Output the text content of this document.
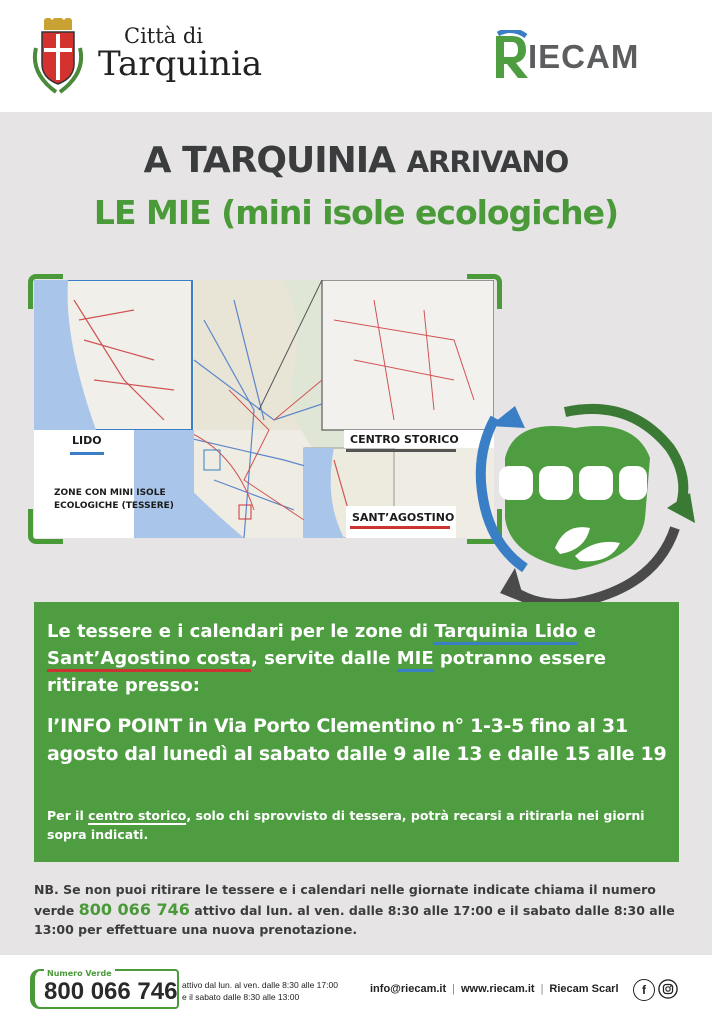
Città di
Tarquinia	IECAM
A TARQUINIA ARRIVANO
LE MIE (mini isole ecologiche)
LIDO	CENTRO STORICO
SANT’AGOSTINO
ZONE CON MINI ISOLE ECOLOGICHE (TESSERE)
Le tessere e i calendari per le zone di Tarquinia Lido e Sant’Agostino costa, servite dalle MIE potranno essere ritirate presso:
l’INFO POINT in Via Porto Clementino n° 1-3-5 fino al 31 agosto dal lunedì al sabato dalle 9 alle 13 e dalle 15 alle 19
Per il centro storico, solo chi sprovvisto di tessera, potrà recarsi a ritirarla nei giorni sopra indicati.
NB. Se non puoi ritirare le tessere e i calendari nelle giornate indicate chiama il numero verde 800 066 746 attivo dal lun. al ven. dalle 8:30 alle 17:00 e il sabato dalle 8:30 alle 13:00 per effettuare una nuova prenotazione.
Numero Verde
800 066 746 attivo dal lun. al ven. dalle 8:30 alle 17:00
e il sabato dalle 8:30 alle 13:00
info@riecam.it | www.riecam.it | Riecam Scarl	f
